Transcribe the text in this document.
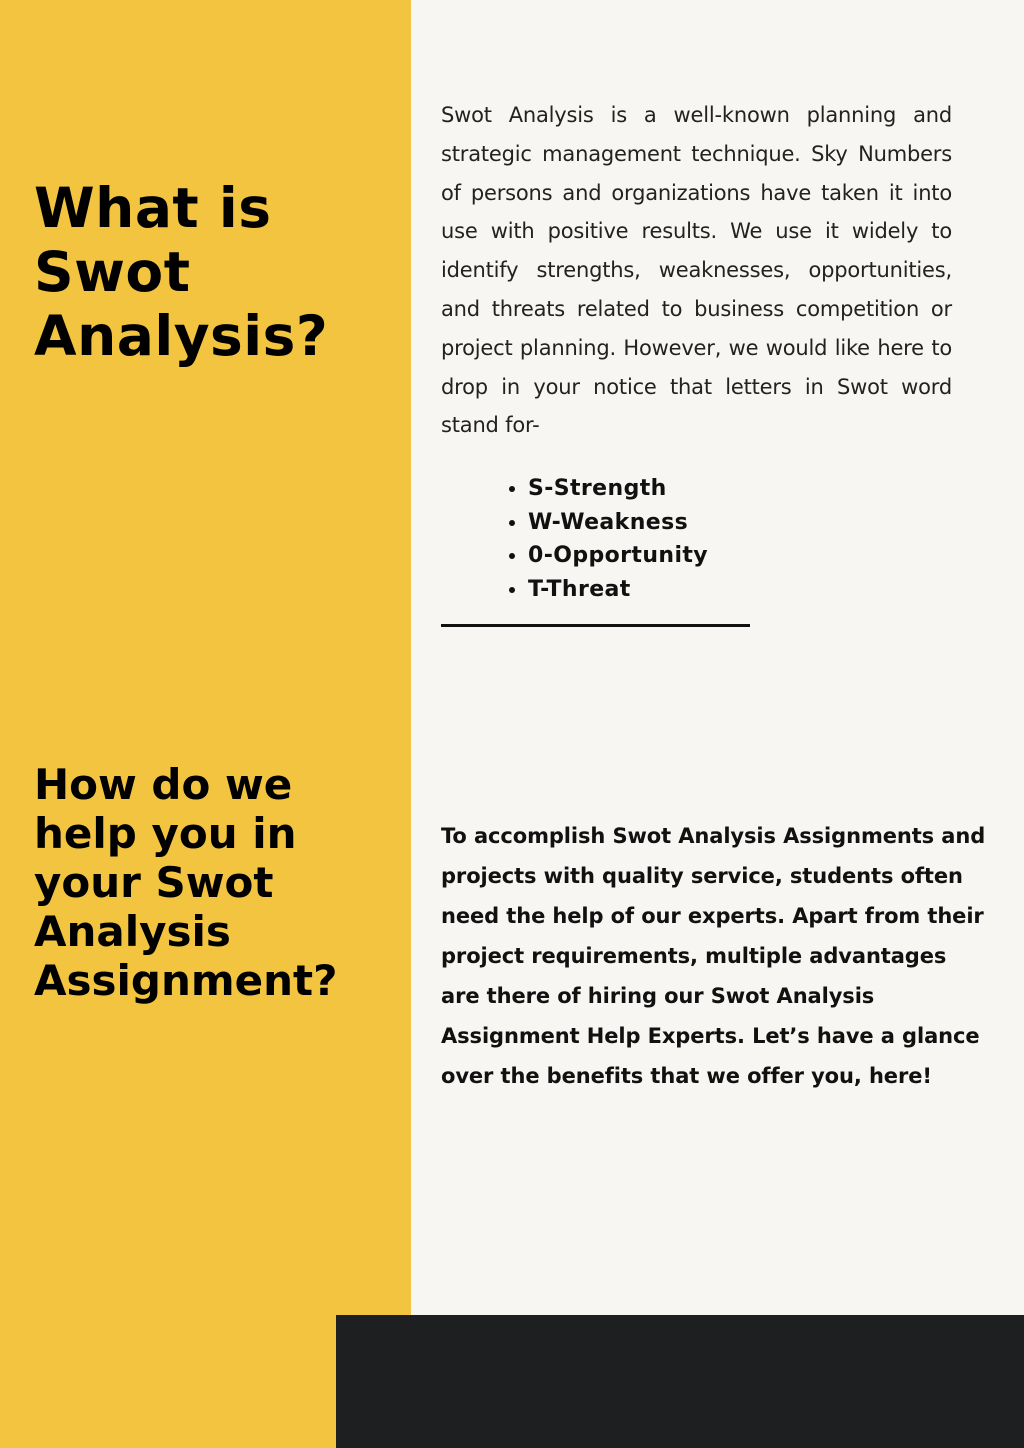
What is Swot Analysis?

Swot Analysis is a well-known planning and strategic management technique. Sky Numbers of persons and organizations have taken it into use with positive results. We use it widely to identify strengths, weaknesses, opportunities, and threats related to business competition or project planning. However, we would like here to drop in your notice that letters in Swot word stand for-

• S-Strength
• W-Weakness
• 0-Opportunity
• T-Threat
How do we help you in your Swot Analysis Assignment?

To accomplish Swot Analysis Assignments and projects with quality service, students often need the help of our experts. Apart from their project requirements, multiple advantages are there of hiring our Swot Analysis Assignment Help Experts. Let’s have a glance over the benefits that we offer you, here!
